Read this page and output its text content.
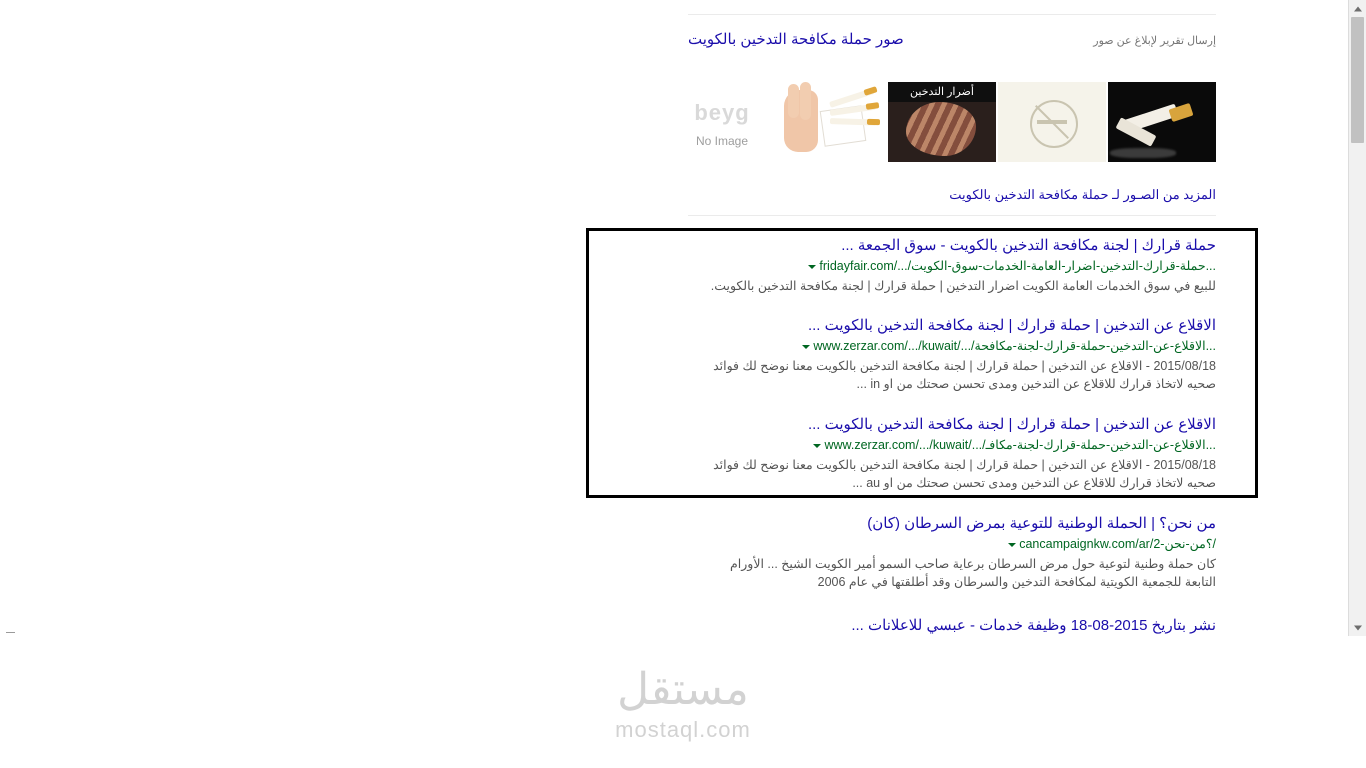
صور حملة مكافحة التدخين بالكويت	إرسال تقرير لإبلاغ عن صور
beyg
No Image
أضرار التدخين
المزيد من الصـور لـ حملة مكافحة التدخين بالكويت
حملة قرارك | لجنة مكافحة التدخين بالكويت - سوق الجمعة ...
fridayfair.com/.../حملة-قرارك-التدخين-اضرار-العامة-الخدمات-سوق-الكويت...
للبيع في سوق الخدمات العامة الكويت اضرار التدخين | حملة قرارك | لجنة مكافحة التدخين بالكويت.
الاقلاع عن التدخين | حملة قرارك | لجنة مكافحة التدخين بالكويت ...
www.zerzar.com/.../kuwait/.../الاقلاع-عن-التدخين-حملة-قرارك-لجنة-مكافحة...
2015/08/18 - الاقلاع عن التدخين | حملة قرارك | لجنة مكافحة التدخين بالكويت معنا نوضح لك فوائد صحيه لاتخاذ قرارك للاقلاع عن التدخين ومدى تحسن صحتك من او in ...
الاقلاع عن التدخين | حملة قرارك | لجنة مكافحة التدخين بالكويت ...
www.zerzar.com/.../kuwait/.../الاقلاع-عن-التدخين-حملة-قرارك-لجنة-مكافـ...
2015/08/18 - الاقلاع عن التدخين | حملة قرارك | لجنة مكافحة التدخين بالكويت معنا نوضح لك فوائد صحيه لاتخاذ قرارك للاقلاع عن التدخين ومدى تحسن صحتك من او au ...
من نحن؟ | الحملة الوطنية للتوعية بمرض السرطان (كان)
cancampaignkw.com/ar/2-؟من-نحن/
كان حملة وطنية لتوعية حول مرض السرطان برعاية صاحب السمو أمير الكويت الشيخ ... الأورام التابعة للجمعية الكويتية لمكافحة التدخين والسرطان وقد أطلقتها في عام 2006
نشر بتاريخ 2015-08-18 وظيفة خدمات - عبسي للاعلانات ...
مستقل
mostaql.com
